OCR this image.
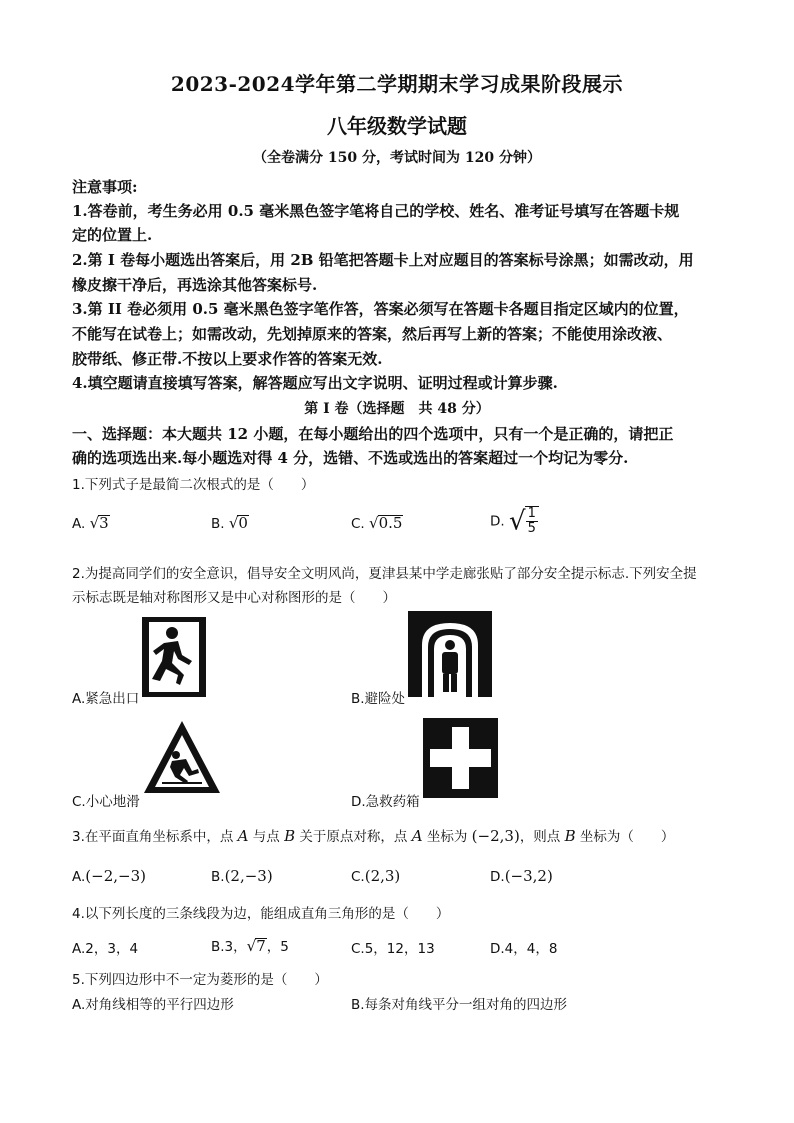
2023-2024学年第二学期期末学习成果阶段展示
八年级数学试题
（全卷满分 150 分，考试时间为 120 分钟）
注意事项:
1.答卷前，考生务必用 0.5 毫米黑色签字笔将自己的学校、姓名、准考证号填写在答题卡规
定的位置上.
2.第 I 卷每小题选出答案后，用 2B 铅笔把答题卡上对应题目的答案标号涂黑；如需改动，用
橡皮擦干净后，再选涂其他答案标号.
3.第 II 卷必须用 0.5 毫米黑色签字笔作答，答案必须写在答题卡各题目指定区域内的位置，
不能写在试卷上；如需改动，先划掉原来的答案，然后再写上新的答案；不能使用涂改液、
胶带纸、修正带.不按以上要求作答的答案无效.
4.填空题请直接填写答案，解答题应写出文字说明、证明过程或计算步骤.
第 I 卷（选择题　共 48 分）
一、选择题：本大题共 12 小题，在每小题给出的四个选项中，只有一个是正确的，请把正
确的选项选出来.每小题选对得 4 分，选错、不选或选出的答案超过一个均记为零分.
1.下列式子是最简二次根式的是（　　）
A. √3	B. √0	C. √0.5	D. √ $\frac{1}{5}$
2.为提高同学们的安全意识，倡导安全文明风尚，夏津县某中学走廊张贴了部分安全提示标志.下列安全提
示标志既是轴对称图形又是中心对称图形的是（　　）
A.紧急出口	B.避险处
C.小心地滑	D.急救药箱
3.在平面直角坐标系中，点 A 与点 B 关于原点对称，点 A 坐标为 (−2,3)，则点 B 坐标为（　　）
A.(−2,−3)	B.(2,−3)	C.(2,3)	D.(−3,2)
4.以下列长度的三条线段为边，能组成直角三角形的是（　　）
A.2，3，4	B.3，√7，5	C.5，12，13	D.4，4，8
5.下列四边形中不一定为菱形的是（　　）
A.对角线相等的平行四边形	B.每条对角线平分一组对角的四边形
